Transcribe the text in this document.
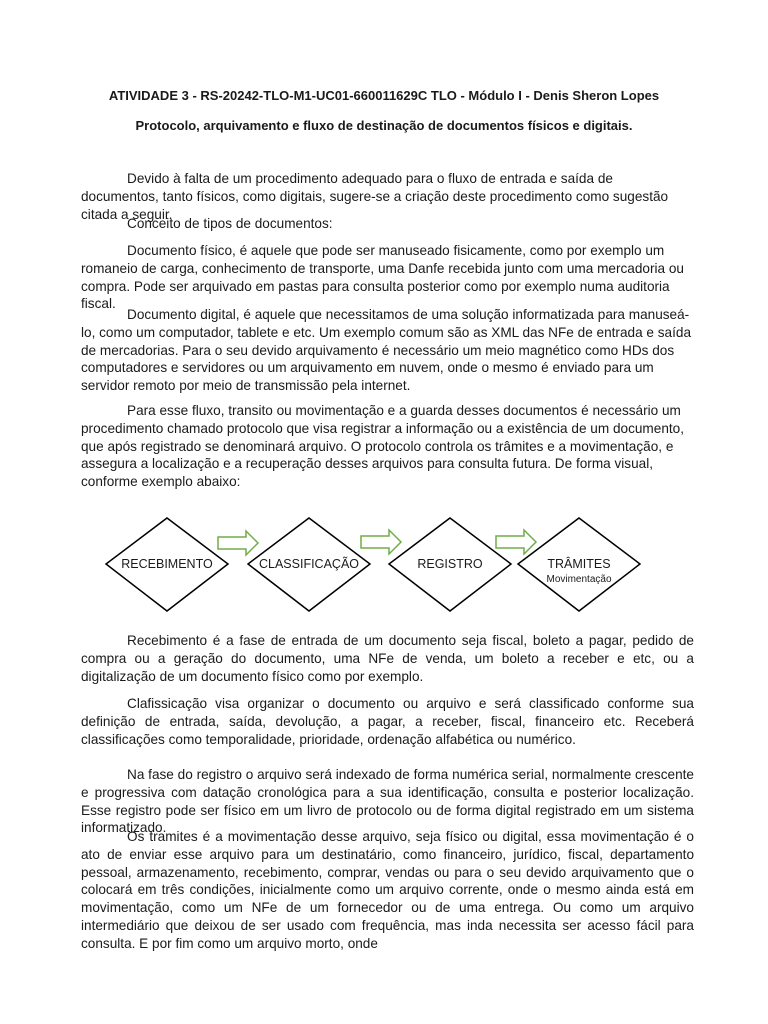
ATIVIDADE 3 - RS-20242-TLO-M1-UC01-660011629C TLO - Módulo I - Denis Sheron Lopes
Protocolo, arquivamento e fluxo de destinação de documentos físicos e digitais.

Devido à falta de um procedimento adequado para o fluxo de entrada e saída de documentos, tanto físicos, como digitais, sugere-se a criação deste procedimento como sugestão citada a seguir.

Conceito de tipos de documentos:

Documento físico, é aquele que pode ser manuseado fisicamente, como por exemplo um romaneio de carga, conhecimento de transporte, uma Danfe recebida junto com uma mercadoria ou compra. Pode ser arquivado em pastas para consulta posterior como por exemplo numa auditoria fiscal.

Documento digital, é aquele que necessitamos de uma solução informatizada para manuseá-lo, como um computador, tablete e etc. Um exemplo comum são as XML das NFe de entrada e saída de mercadorias. Para o seu devido arquivamento é necessário um meio magnético como HDs dos computadores e servidores ou um arquivamento em nuvem, onde o mesmo é enviado para um servidor remoto por meio de transmissão pela internet.

Para esse fluxo, transito ou movimentação e a guarda desses documentos é necessário um procedimento chamado protocolo que visa registrar a informação ou a existência de um documento, que após registrado se denominará arquivo. O protocolo controla os trâmites e a movimentação, e assegura a localização e a recuperação desses arquivos para consulta futura. De forma visual, conforme exemplo abaixo:

RECEBIMENTO	CLASSIFICAÇÃO	REGISTRO	TRÂMITES
Movimentação

Recebimento é a fase de entrada de um documento seja fiscal, boleto a pagar, pedido de compra ou a geração do documento, uma NFe de venda, um boleto a receber e etc, ou a digitalização de um documento físico como por exemplo.

Clafissicação visa organizar o documento ou arquivo e será classificado conforme sua definição de entrada, saída, devolução, a pagar, a receber, fiscal, financeiro etc. Receberá classificações como temporalidade, prioridade, ordenação alfabética ou numérico.

Na fase do registro o arquivo será indexado de forma numérica serial, normalmente crescente e progressiva com datação cronológica para a sua identificação, consulta e posterior localização. Esse registro pode ser físico em um livro de protocolo ou de forma digital registrado em um sistema informatizado.

Os tramites é a movimentação desse arquivo, seja físico ou digital, essa movimentação é o ato de enviar esse arquivo para um destinatário, como financeiro, jurídico, fiscal, departamento pessoal, armazenamento, recebimento, comprar, vendas ou para o seu devido arquivamento que o colocará em três condições, inicialmente como um arquivo corrente, onde o mesmo ainda está em movimentação, como um NFe de um fornecedor ou de uma entrega. Ou como um arquivo intermediário que deixou de ser usado com frequência, mas inda necessita ser acesso fácil para consulta. E por fim como um arquivo morto, onde
